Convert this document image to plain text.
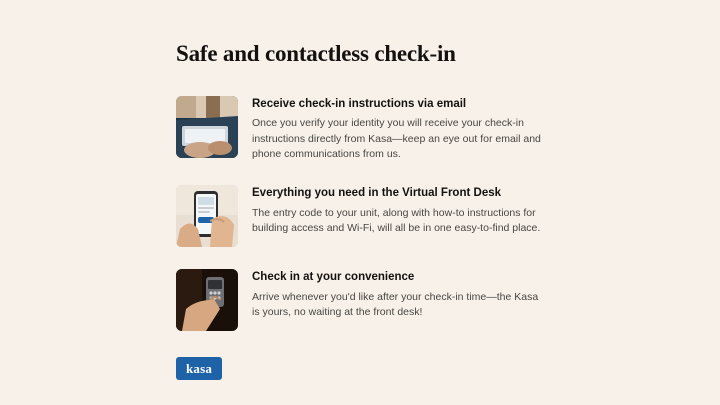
Safe and contactless check-in

Receive check-in instructions via email

Once you verify your identity you will receive your check-in instructions directly from Kasa—keep an eye out for email and phone communications from us.

Everything you need in the Virtual Front Desk

The entry code to your unit, along with how-to instructions for building access and Wi-Fi, will all be in one easy-to-find place.

Check in at your convenience

Arrive whenever you'd like after your check-in time—the Kasa is yours, no waiting at the front desk!

kasa
